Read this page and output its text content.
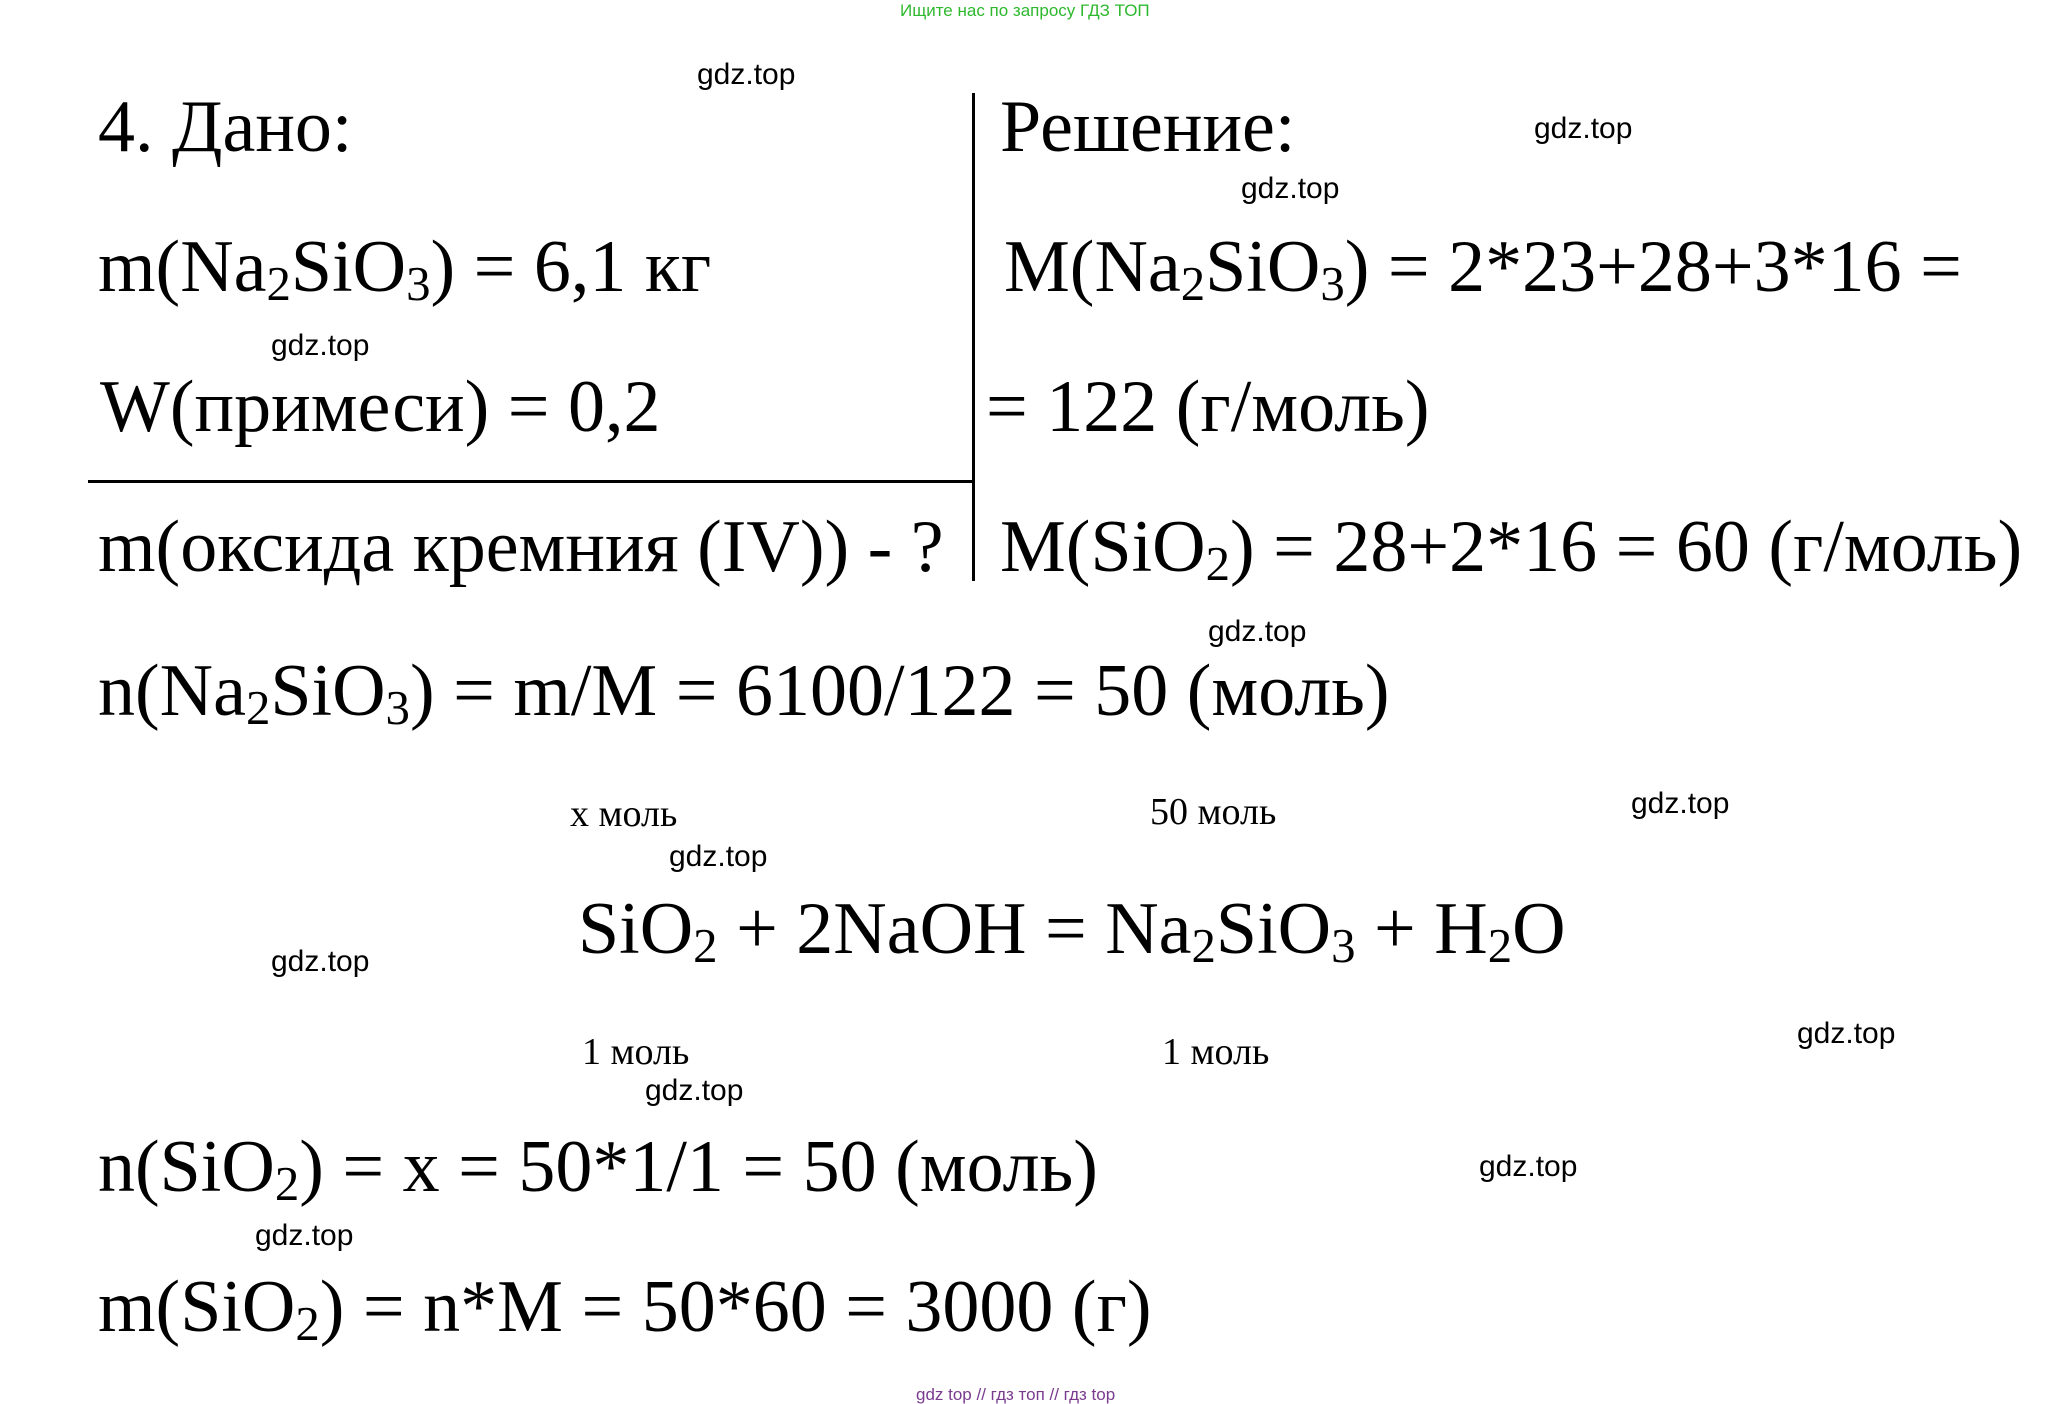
Ищите нас по запросу ГДЗ ТОП
4. Дано:
m(Na2SiO3) = 6,1 кг
W(примеси) = 0,2
m(оксида кремния (IV)) - ?
Решение:
M(Na2SiO3) = 2*23+28+3*16 =
= 122 (г/моль)
M(SiO2) = 28+2*16 = 60 (г/моль)
n(Na2SiO3) = m/M = 6100/122 = 50 (моль)
x моль	50 моль
SiO2 + 2NaOH = Na2SiO3 + H2O
1 моль	1 моль
n(SiO2) = x = 50*1/1 = 50 (моль)
m(SiO2) = n*M = 50*60 = 3000 (г)
gdz.top
gdz.top
gdz.top
gdz.top
gdz.top
gdz.top
gdz.top
gdz.top
gdz.top
gdz.top
gdz.top
gdz.top
gdz top // гдз топ // гдз top
